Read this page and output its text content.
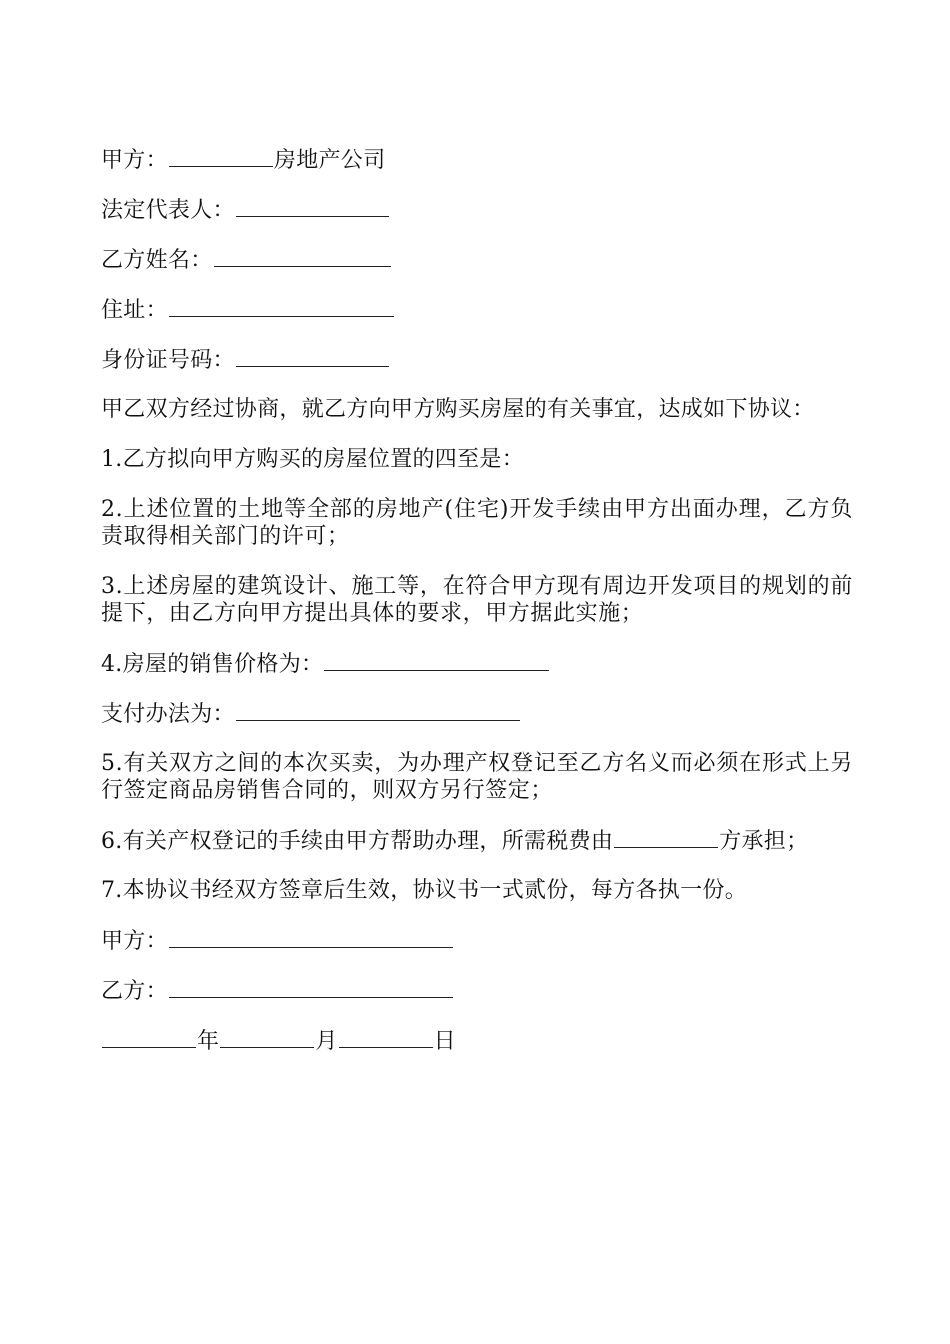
甲方：	房地产公司
法定代表人：
乙方姓名：
住址：
身份证号码：
甲乙双方经过协商，就乙方向甲方购买房屋的有关事宜，达成如下协议：
1.乙方拟向甲方购买的房屋位置的四至是：
2.上述位置的土地等全部的房地产(住宅)开发手续由甲方出面办理，乙方负责取得相关部门的许可；
3.上述房屋的建筑设计、施工等，在符合甲方现有周边开发项目的规划的前提下，由乙方向甲方提出具体的要求，甲方据此实施；
4.房屋的销售价格为：
支付办法为：
5.有关双方之间的本次买卖，为办理产权登记至乙方名义而必须在形式上另行签定商品房销售合同的，则双方另行签定；
6.有关产权登记的手续由甲方帮助办理，所需税费由	方承担；
7.本协议书经双方签章后生效，协议书一式贰份，每方各执一份。
甲方：
乙方：
年	月	日
